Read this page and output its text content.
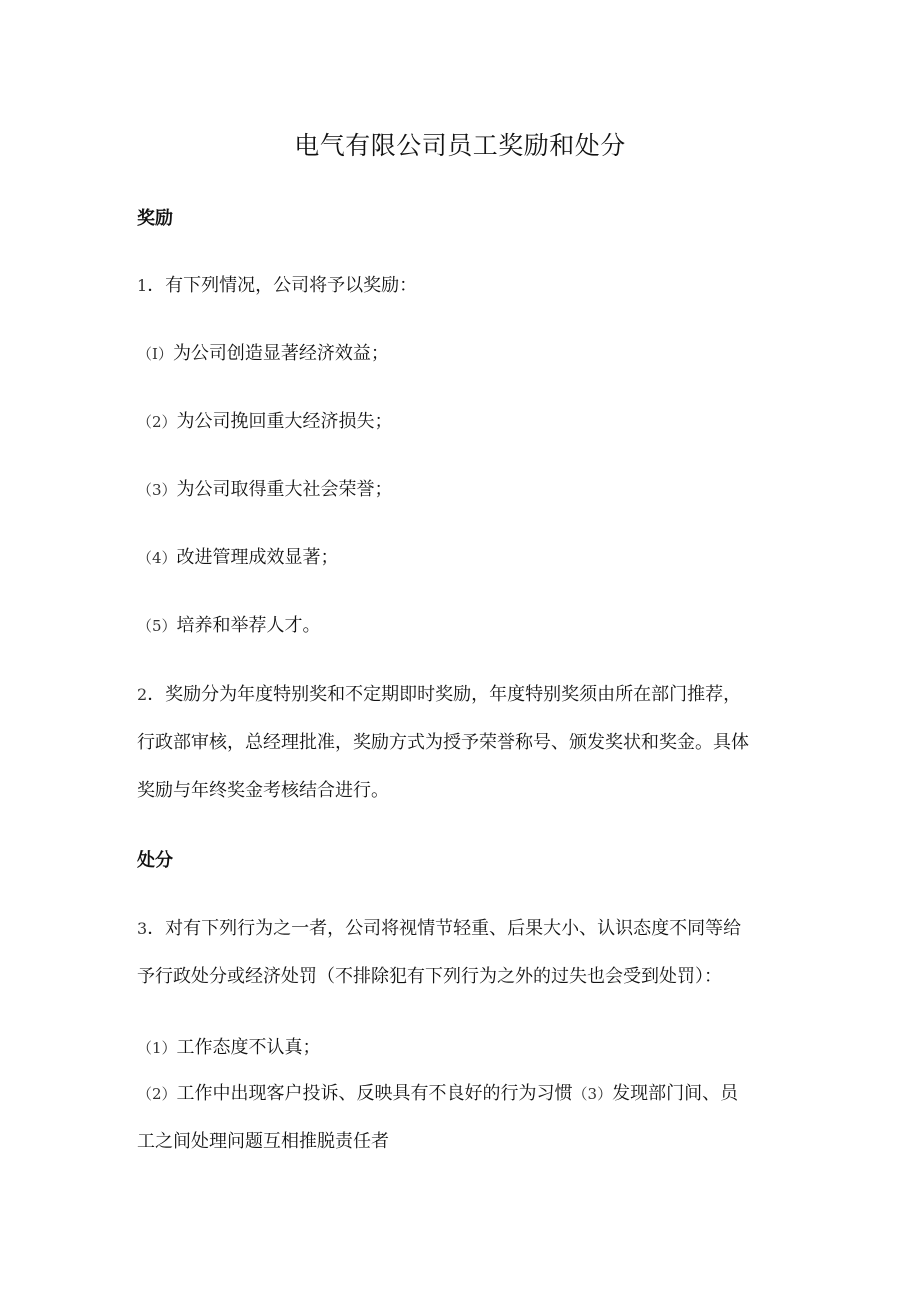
电气有限公司员工奖励和处分
奖励
1．有下列情况，公司将予以奖励：
（I）为公司创造显著经济效益；
（2）为公司挽回重大经济损失；
（3）为公司取得重大社会荣誉；
（4）改进管理成效显著；
（5）培养和举荐人才。
2．奖励分为年度特别奖和不定期即时奖励，年度特别奖须由所在部门推荐，
行政部审核，总经理批准，奖励方式为授予荣誉称号、颁发奖状和奖金。具体
奖励与年终奖金考核结合进行。
处分
3．对有下列行为之一者，公司将视情节轻重、后果大小、认识态度不同等给
予行政处分或经济处罚（不排除犯有下列行为之外的过失也会受到处罚）：
（1）工作态度不认真；
（2）工作中出现客户投诉、反映具有不良好的行为习惯（3）发现部门间、员
工之间处理问题互相推脱责任者
